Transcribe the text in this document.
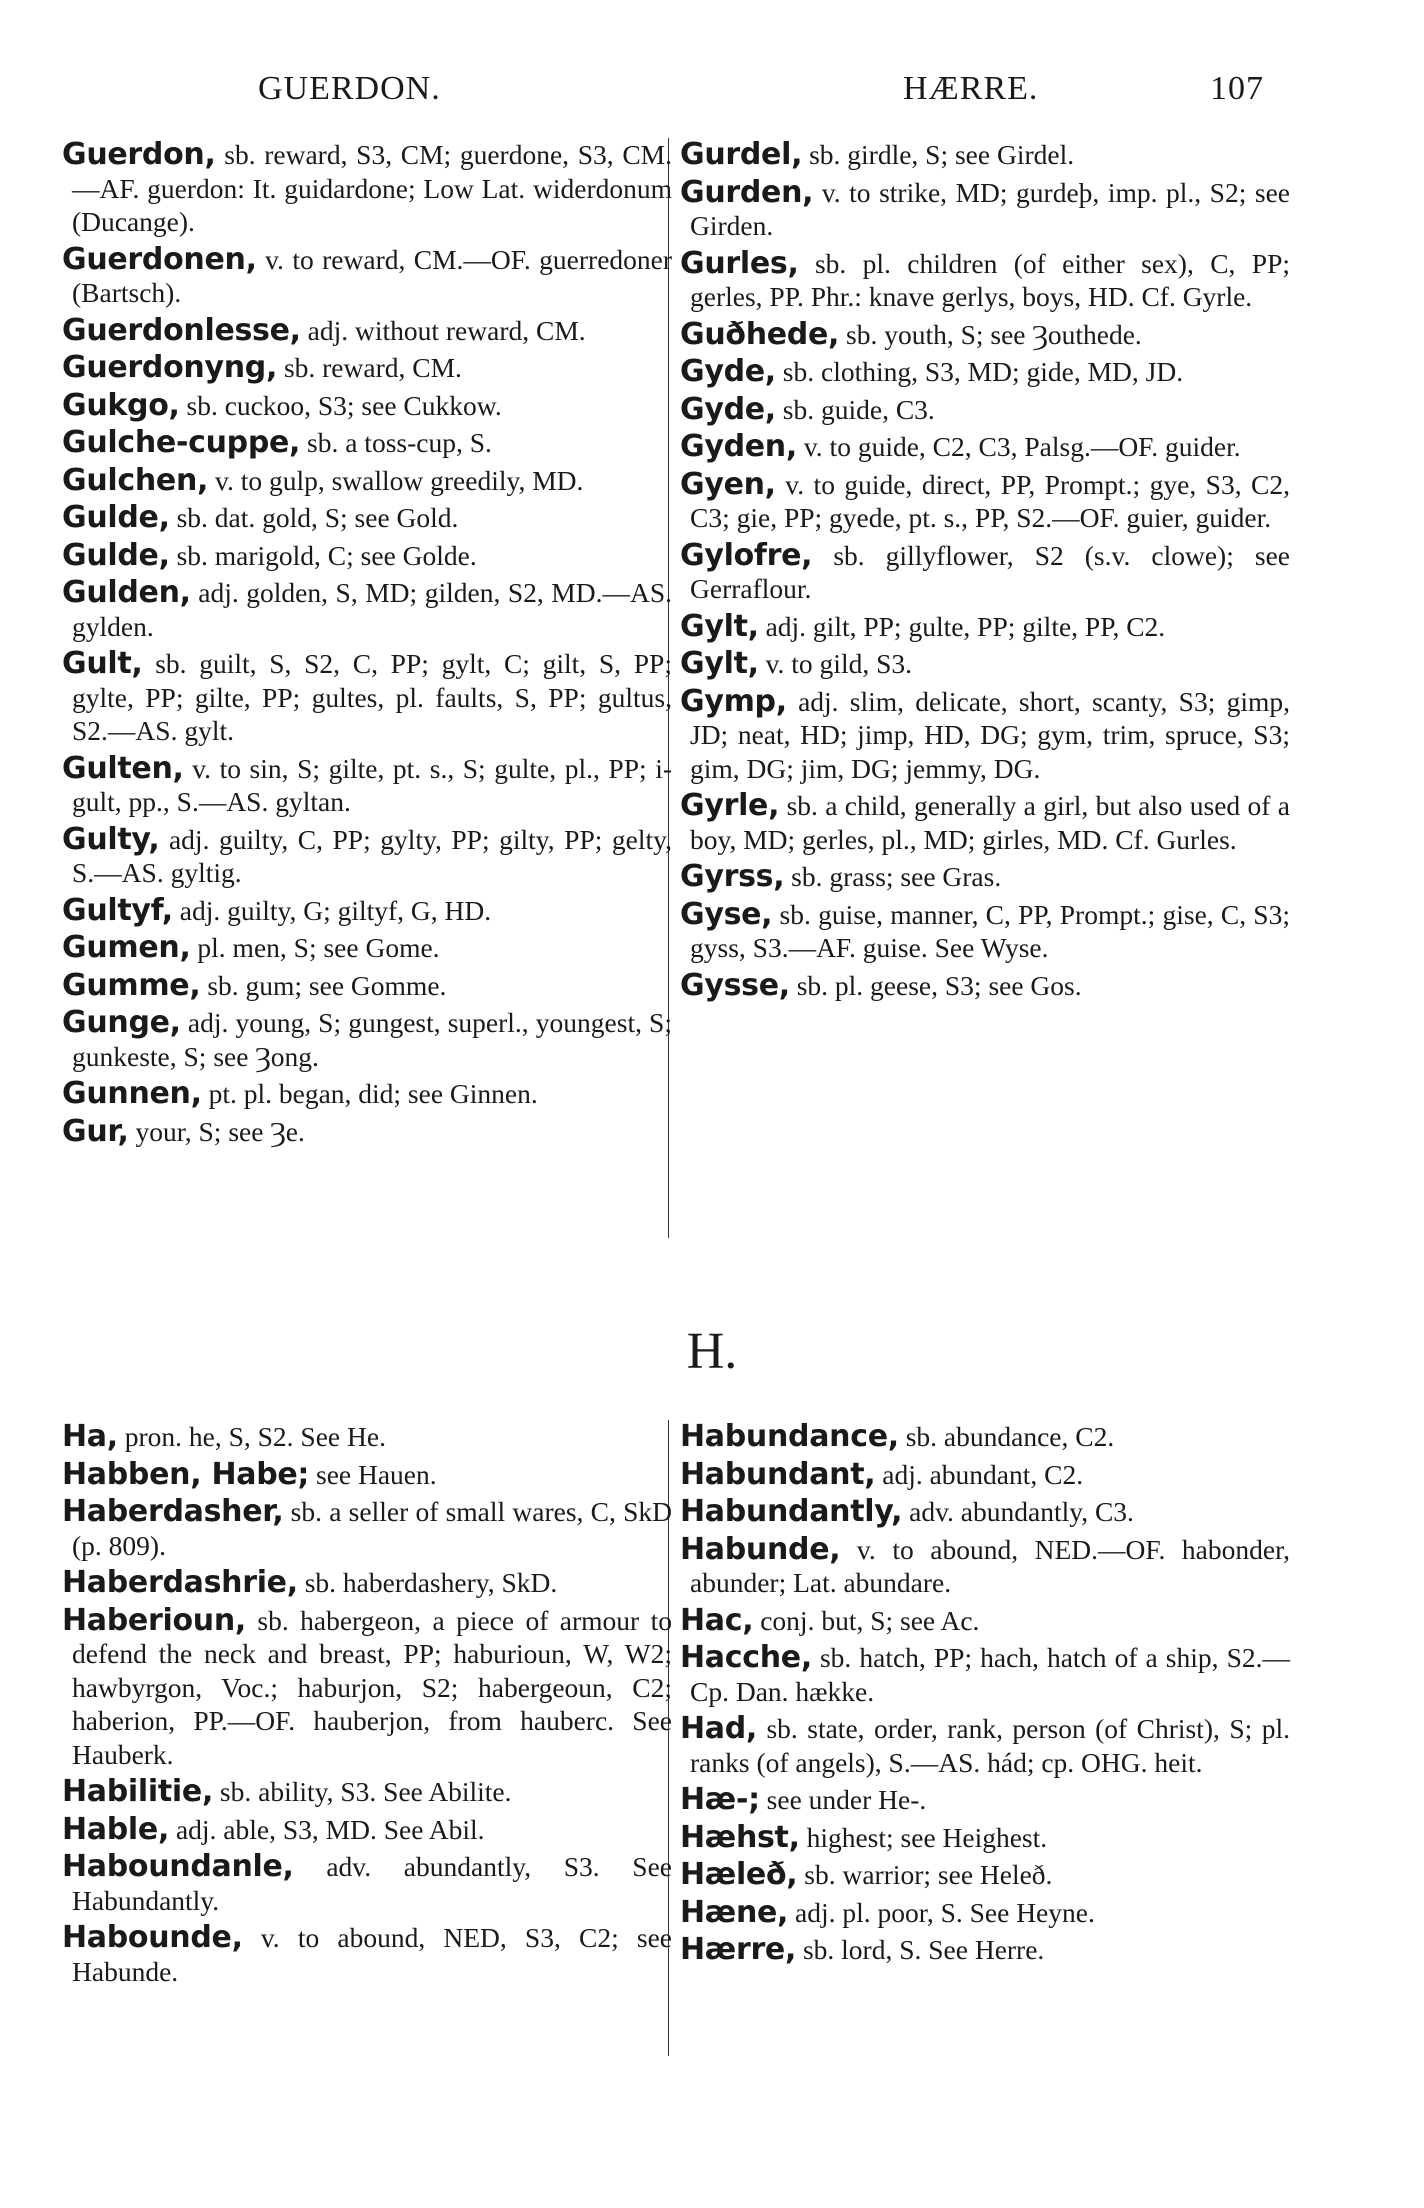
GUERDON.	HÆRRE.	107
Guerdon, sb. reward, S3, CM; guerdone, S3, CM.—AF. guerdon: It. guidardone; Low Lat. widerdonum (Ducange).
Guerdonen, v. to reward, CM.—OF. guerredoner (Bartsch).
Guerdonlesse, adj. without reward, CM.
Guerdonyng, sb. reward, CM.
Gukgo, sb. cuckoo, S3; see Cukkow.
Gulche-cuppe, sb. a toss-cup, S.
Gulchen, v. to gulp, swallow greedily, MD.
Gulde, sb. dat. gold, S; see Gold.
Gulde, sb. marigold, C; see Golde.
Gulden, adj. golden, S, MD; gilden, S2, MD.—AS. gylden.
Gult, sb. guilt, S, S2, C, PP; gylt, C; gilt, S, PP; gylte, PP; gilte, PP; gultes, pl. faults, S, PP; gultus, S2.—AS. gylt.
Gulten, v. to sin, S; gilte, pt. s., S; gulte, pl., PP; i-gult, pp., S.—AS. gyltan.
Gulty, adj. guilty, C, PP; gylty, PP; gilty, PP; gelty, S.—AS. gyltig.
Gultyf, adj. guilty, G; giltyf, G, HD.
Gumen, pl. men, S; see Gome.
Gumme, sb. gum; see Gomme.
Gunge, adj. young, S; gungest, superl., youngest, S; gunkeste, S; see Ȝong.
Gunnen, pt. pl. began, did; see Ginnen.
Gur, your, S; see Ȝe.
Gurdel, sb. girdle, S; see Girdel.
Gurden, v. to strike, MD; gurdeþ, imp. pl., S2; see Girden.
Gurles, sb. pl. children (of either sex), C, PP; gerles, PP. Phr.: knave gerlys, boys, HD. Cf. Gyrle.
Guðhede, sb. youth, S; see Ȝouthede.
Gyde, sb. clothing, S3, MD; gide, MD, JD.
Gyde, sb. guide, C3.
Gyden, v. to guide, C2, C3, Palsg.—OF. guider.
Gyen, v. to guide, direct, PP, Prompt.; gye, S3, C2, C3; gie, PP; gyede, pt. s., PP, S2.—OF. guier, guider.
Gylofre, sb. gillyflower, S2 (s.v. clowe); see Gerraflour.
Gylt, adj. gilt, PP; gulte, PP; gilte, PP, C2.
Gylt, v. to gild, S3.
Gymp, adj. slim, delicate, short, scanty, S3; gimp, JD; neat, HD; jimp, HD, DG; gym, trim, spruce, S3; gim, DG; jim, DG; jemmy, DG.
Gyrle, sb. a child, generally a girl, but also used of a boy, MD; gerles, pl., MD; girles, MD. Cf. Gurles.
Gyrss, sb. grass; see Gras.
Gyse, sb. guise, manner, C, PP, Prompt.; gise, C, S3; gyss, S3.—AF. guise. See Wyse.
Gysse, sb. pl. geese, S3; see Gos.
H.
Ha, pron. he, S, S2. See He.
Habben, Habe; see Hauen.
Haberdasher, sb. a seller of small wares, C, SkD (p. 809).
Haberdashrie, sb. haberdashery, SkD.
Haberioun, sb. habergeon, a piece of armour to defend the neck and breast, PP; haburioun, W, W2; hawbyrgon, Voc.; haburjon, S2; habergeoun, C2; haberion, PP.—OF. hauberjon, from hauberc. See Hauberk.
Habilitie, sb. ability, S3. See Abilite.
Hable, adj. able, S3, MD. See Abil.
Haboundanle, adv. abundantly, S3. See Habundantly.
Habounde, v. to abound, NED, S3, C2; see Habunde.
Habundance, sb. abundance, C2.
Habundant, adj. abundant, C2.
Habundantly, adv. abundantly, C3.
Habunde, v. to abound, NED.—OF. habonder, abunder; Lat. abundare.
Hac, conj. but, S; see Ac.
Hacche, sb. hatch, PP; hach, hatch of a ship, S2.—Cp. Dan. hække.
Had, sb. state, order, rank, person (of Christ), S; pl. ranks (of angels), S.—AS. hád; cp. OHG. heit.
Hæ-; see under He-.
Hæhst, highest; see Heighest.
Hæleð, sb. warrior; see Heleð.
Hæne, adj. pl. poor, S. See Heyne.
Hærre, sb. lord, S. See Herre.
